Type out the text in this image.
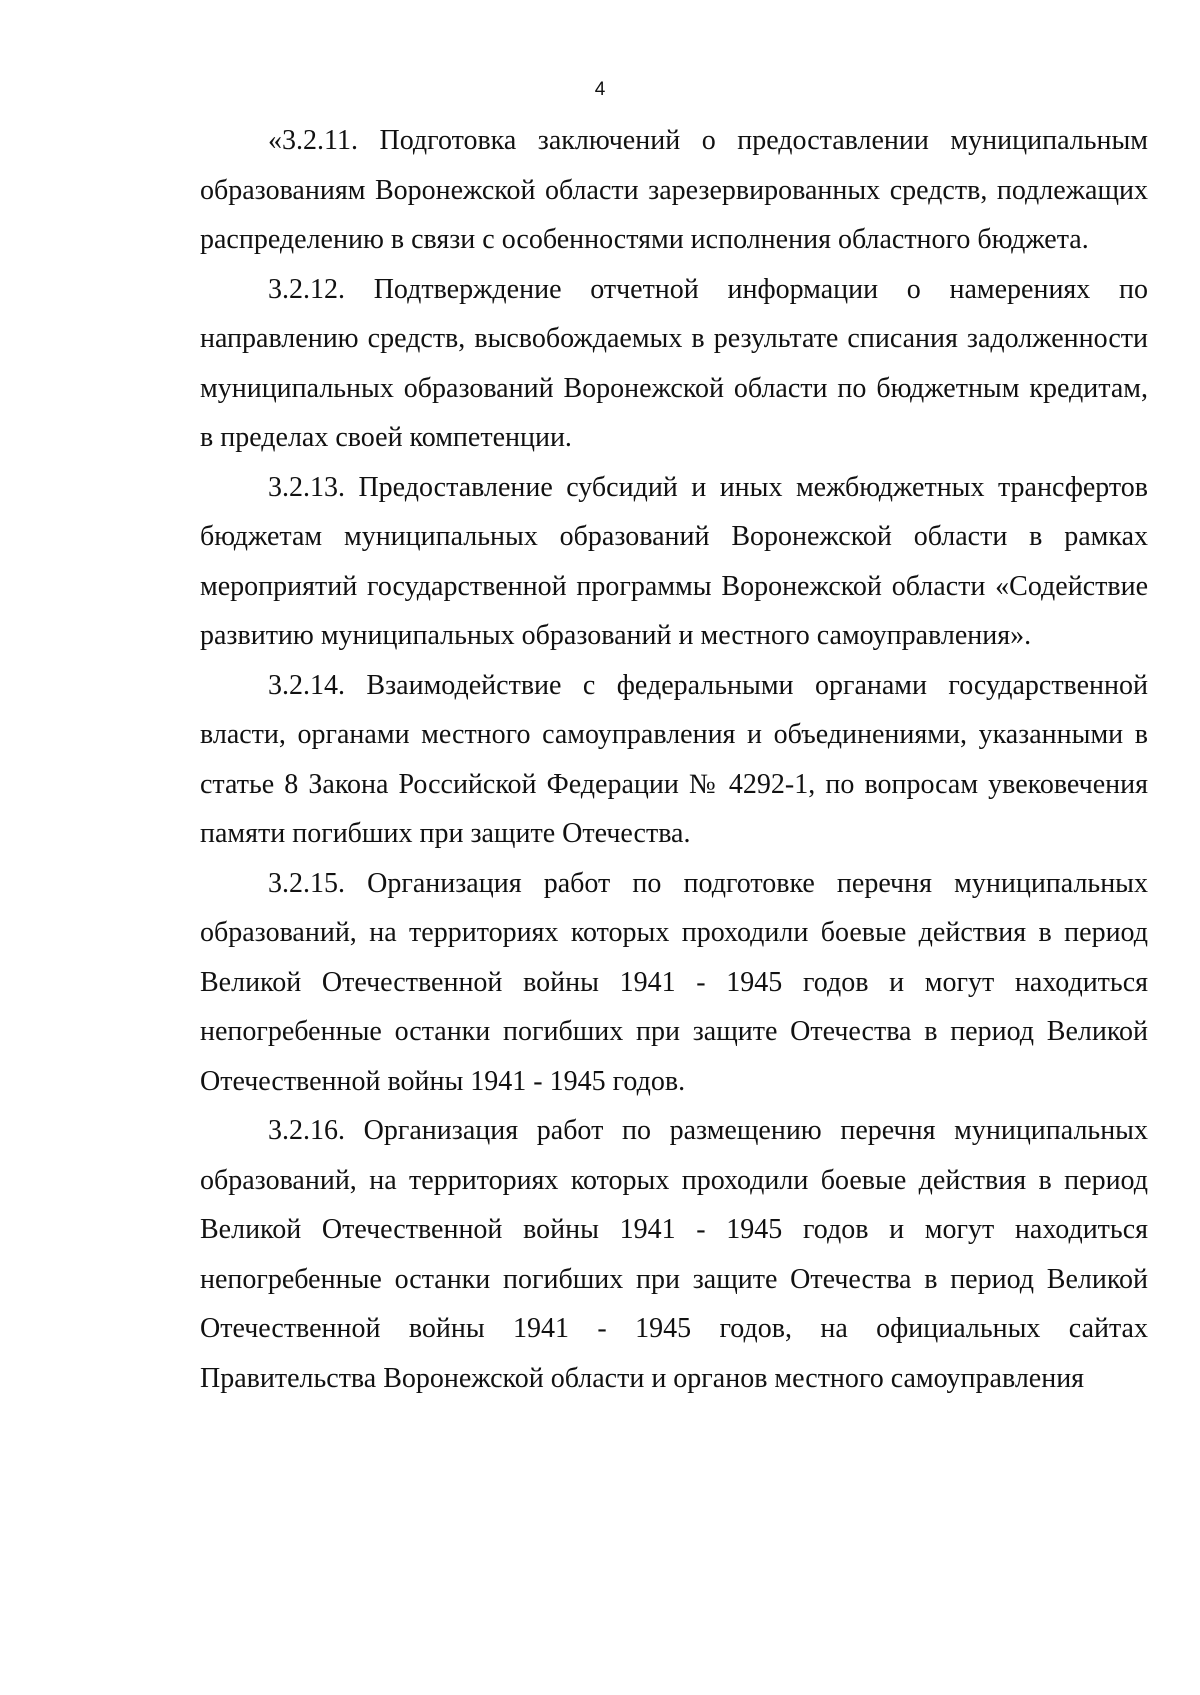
4

«3.2.11. Подготовка заключений о предоставлении муниципальным образованиям Воронежской области зарезервированных средств, подлежащих распределению в связи с особенностями исполнения областного бюджета.

3.2.12. Подтверждение отчетной информации о намерениях по направлению средств, высвобождаемых в результате списания задолженности муниципальных образований Воронежской области по бюджетным кредитам, в пределах своей компетенции.

3.2.13. Предоставление субсидий и иных межбюджетных трансфертов бюджетам муниципальных образований Воронежской области в рамках мероприятий государственной программы Воронежской области «Содействие развитию муниципальных образований и местного самоуправления».

3.2.14. Взаимодействие с федеральными органами государственной власти, органами местного самоуправления и объединениями, указанными в статье 8 Закона Российской Федерации № 4292-1, по вопросам увековечения памяти погибших при защите Отечества.

3.2.15. Организация работ по подготовке перечня муниципальных образований, на территориях которых проходили боевые действия в период Великой Отечественной войны 1941 - 1945 годов и могут находиться непогребенные останки погибших при защите Отечества в период Великой Отечественной войны 1941 - 1945 годов.

3.2.16. Организация работ по размещению перечня муниципальных образований, на территориях которых проходили боевые действия в период Великой Отечественной войны 1941 - 1945 годов и могут находиться непогребенные останки погибших при защите Отечества в период Великой Отечественной войны 1941 - 1945 годов, на официальных сайтах Правительства Воронежской области и органов местного самоуправления
